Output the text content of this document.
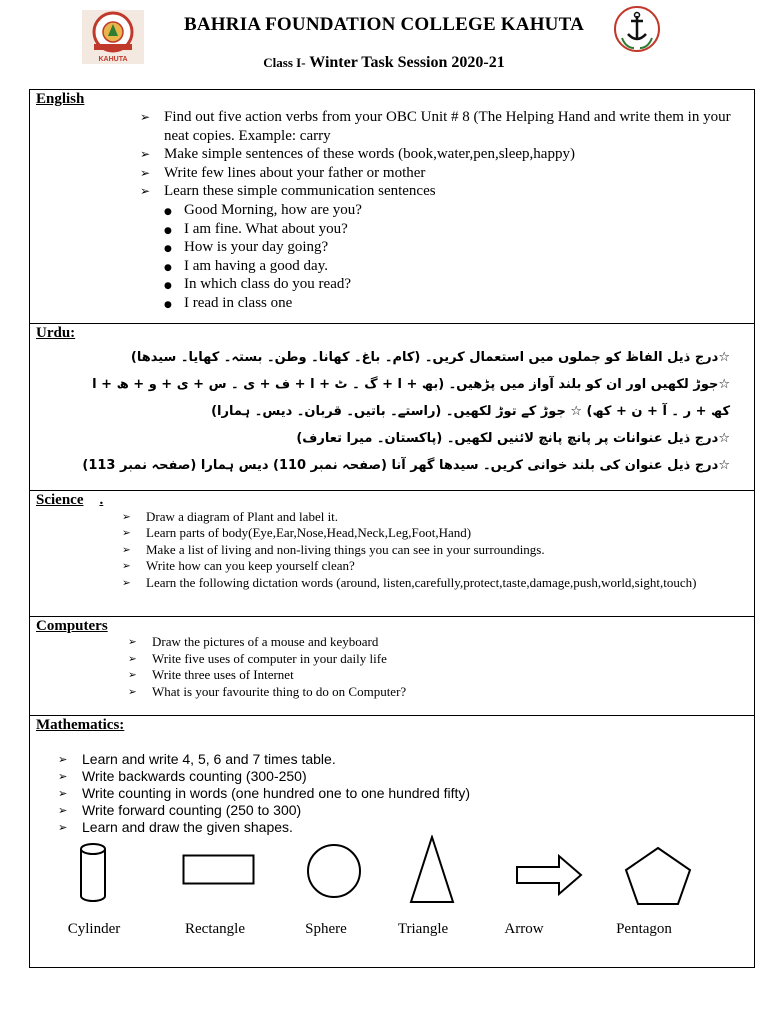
KAHUTA
BAHRIA FOUNDATION COLLEGE KAHUTA
Class I- Winter Task Session 2020-21
English
➢ Find out five action verbs from your OBC Unit # 8 (The Helping Hand and write them in your neat copies. Example: carry
➢ Make simple sentences of these words (book,water,pen,sleep,happy)
➢ Write few lines about your father or mother
➢ Learn these simple communication sentences
● Good Morning, how are you?
● I am fine. What about you?
● How is your day going?
● I am having a good day.
● In which class do you read?
● I read in class one
Urdu:
☆درج ذیل الفاظ کو جملوں میں استعمال کریں۔ (کام۔ باغ۔ کھانا۔ وطن۔ بستہ۔ کھایا۔ سیدھا)
☆جوڑ لکھیں اور ان کو بلند آواز میں پڑھیں۔ (بھ + ا + گ ۔ ٹ + ا + ف + ی ۔ س + ی + و + ھ + ا
کھ + ر ۔ آ + ن + کھ) ☆ جوڑ کے توڑ لکھیں۔ (راستے۔ باتیں۔ قربان۔ دیس۔ ہمارا)
☆درج ذیل عنوانات پر پانچ پانچ لائنیں لکھیں۔ (پاکستان۔ میرا تعارف)
☆درج ذیل عنوان کی بلند خوانی کریں۔ سیدھا گھر آنا (صفحہ نمبر 110) دیس ہمارا (صفحہ نمبر 113)
Science .
➢ Draw a diagram of Plant and label it.
➢ Learn parts of body(Eye,Ear,Nose,Head,Neck,Leg,Foot,Hand)
➢ Make a list of living and non-living things you can see in your surroundings.
➢ Write how can you keep yourself clean?
➢ Learn the following dictation words (around, listen,carefully,protect,taste,damage,push,world,sight,touch)
Computers
➢ Draw the pictures of a mouse and keyboard
➢ Write five uses of computer in your daily life
➢ Write three uses of Internet
➢ What is your favourite thing to do on Computer?
Mathematics:
➢ Learn and write 4, 5, 6 and 7 times table.
➢ Write backwards counting (300-250)
➢ Write counting in words (one hundred one to one hundred fifty)
➢ Write forward counting (250 to 300)
➢ Learn and draw the given shapes.
Cylinder	Rectangle	Sphere	Triangle	Arrow	Pentagon
